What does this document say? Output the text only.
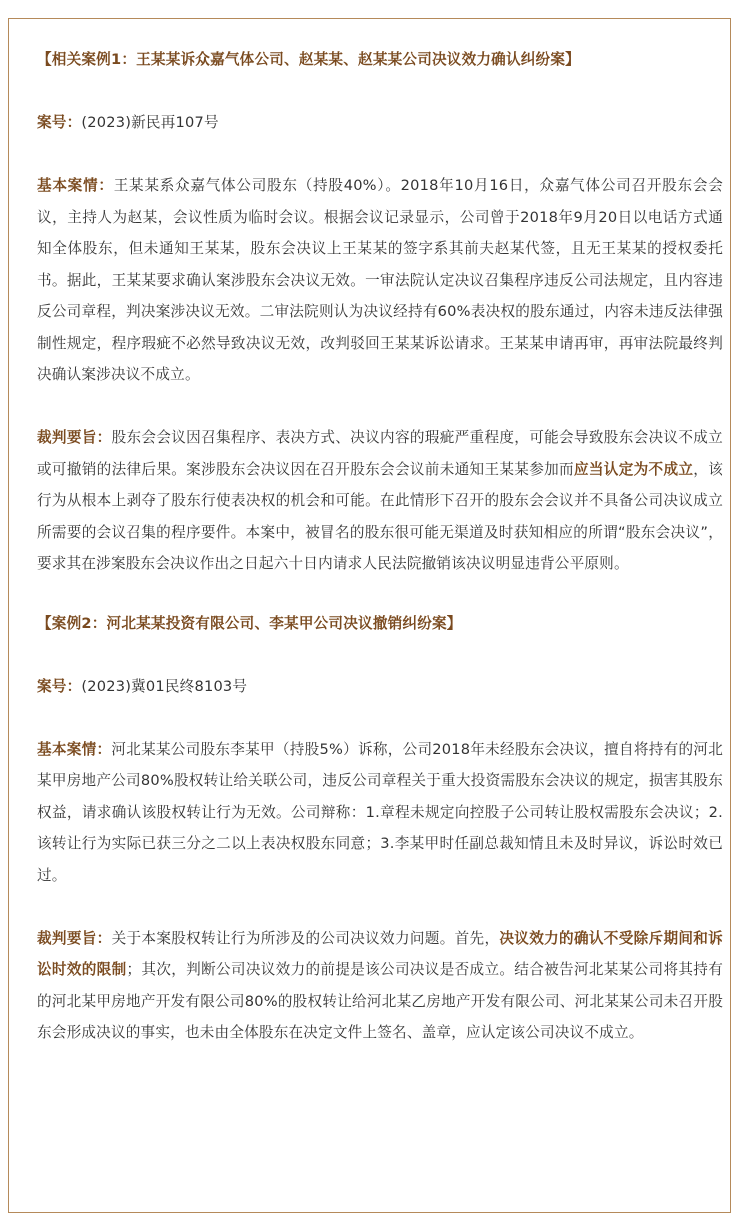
【相关案例1：王某某诉众嘉气体公司、赵某某、赵某某公司决议效力确认纠纷案】

案号：(2023)新民再107号

基本案情：王某某系众嘉气体公司股东（持股40%）。2018年10月16日，众嘉气体公司召开股东会会议，主持人为赵某，会议性质为临时会议。根据会议记录显示，公司曾于2018年9月20日以电话方式通知全体股东，但未通知王某某，股东会决议上王某某的签字系其前夫赵某代签，且无王某某的授权委托书。据此，王某某要求确认案涉股东会决议无效。一审法院认定决议召集程序违反公司法规定，且内容违反公司章程，判决案涉决议无效。二审法院则认为决议经持有60%表决权的股东通过，内容未违反法律强制性规定，程序瑕疵不必然导致决议无效，改判驳回王某某诉讼请求。王某某申请再审，再审法院最终判决确认案涉决议不成立。

裁判要旨：股东会会议因召集程序、表决方式、决议内容的瑕疵严重程度，可能会导致股东会决议不成立或可撤销的法律后果。案涉股东会决议因在召开股东会会议前未通知王某某参加而应当认定为不成立，该行为从根本上剥夺了股东行使表决权的机会和可能。在此情形下召开的股东会会议并不具备公司决议成立所需要的会议召集的程序要件。本案中，被冒名的股东很可能无渠道及时获知相应的所谓“股东会决议”，要求其在涉案股东会决议作出之日起六十日内请求人民法院撤销该决议明显违背公平原则。

【案例2：河北某某投资有限公司、李某甲公司决议撤销纠纷案】

案号：(2023)冀01民终8103号

基本案情：河北某某公司股东李某甲（持股5%）诉称，公司2018年未经股东会决议，擅自将持有的河北某甲房地产公司80%股权转让给关联公司，违反公司章程关于重大投资需股东会决议的规定，损害其股东权益，请求确认该股权转让行为无效。公司辩称：1.章程未规定向控股子公司转让股权需股东会决议；2.该转让行为实际已获三分之二以上表决权股东同意；3.李某甲时任副总裁知情且未及时异议，诉讼时效已过。

裁判要旨：关于本案股权转让行为所涉及的公司决议效力问题。首先，决议效力的确认不受除斥期间和诉讼时效的限制；其次，判断公司决议效力的前提是该公司决议是否成立。结合被告河北某某公司将其持有的河北某甲房地产开发有限公司80%的股权转让给河北某乙房地产开发有限公司、河北某某公司未召开股东会形成决议的事实，也未由全体股东在决定文件上签名、盖章，应认定该公司决议不成立。
